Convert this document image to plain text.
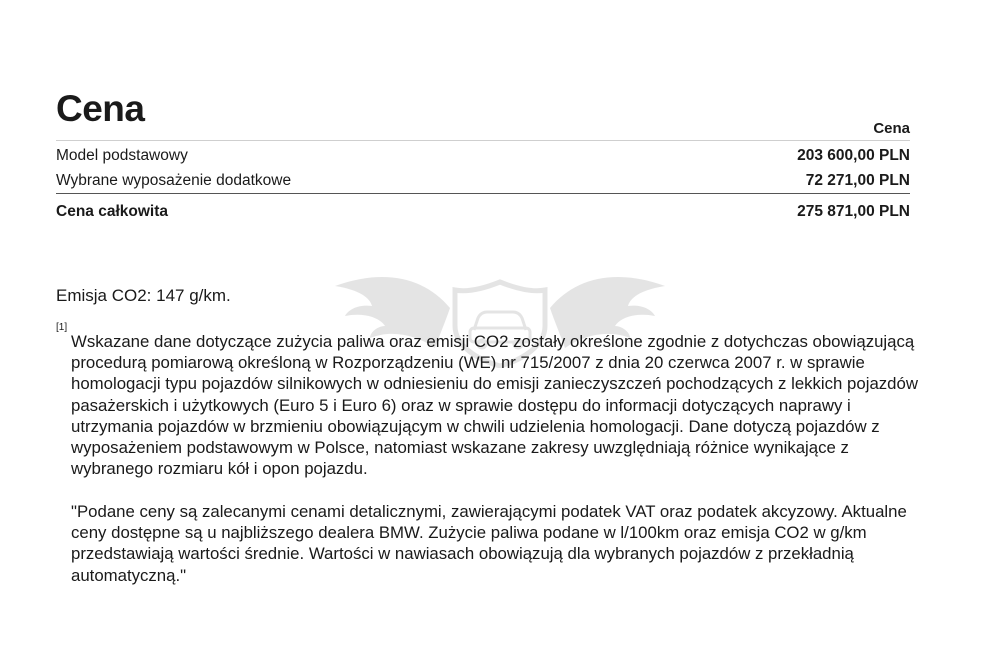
Cena	Cena
Model podstawowy	203 600,00 PLN
Wybrane wyposażenie dodatkowe	72 271,00 PLN
Cena całkowita	275 871,00 PLN
Emisja CO2: 147 g/km.
[1]

Wskazane dane dotyczące zużycia paliwa oraz emisji CO2 zostały określone zgodnie z dotychczas obowiązującą procedurą pomiarową określoną w Rozporządzeniu (WE) nr 715/2007 z dnia 20 czerwca 2007 r. w sprawie homologacji typu pojazdów silnikowych w odniesieniu do emisji zanieczyszczeń pochodzących z lekkich pojazdów pasażerskich i użytkowych (Euro 5 i Euro 6) oraz w sprawie dostępu do informacji dotyczących naprawy i utrzymania pojazdów w brzmieniu obowiązującym w chwili udzielenia homologacji. Dane dotyczą pojazdów z wyposażeniem podstawowym w Polsce, natomiast wskazane zakresy uwzględniają różnice wynikające z wybranego rozmiaru kół i opon pojazdu.

"Podane ceny są zalecanymi cenami detalicznymi, zawierającymi podatek VAT oraz podatek akcyzowy. Aktualne ceny dostępne są u najbliższego dealera BMW. Zużycie paliwa podane w l/100km oraz emisja CO2 w g/km przedstawiają wartości średnie. Wartości w nawiasach obowiązują dla wybranych pojazdów z przekładnią automatyczną."
